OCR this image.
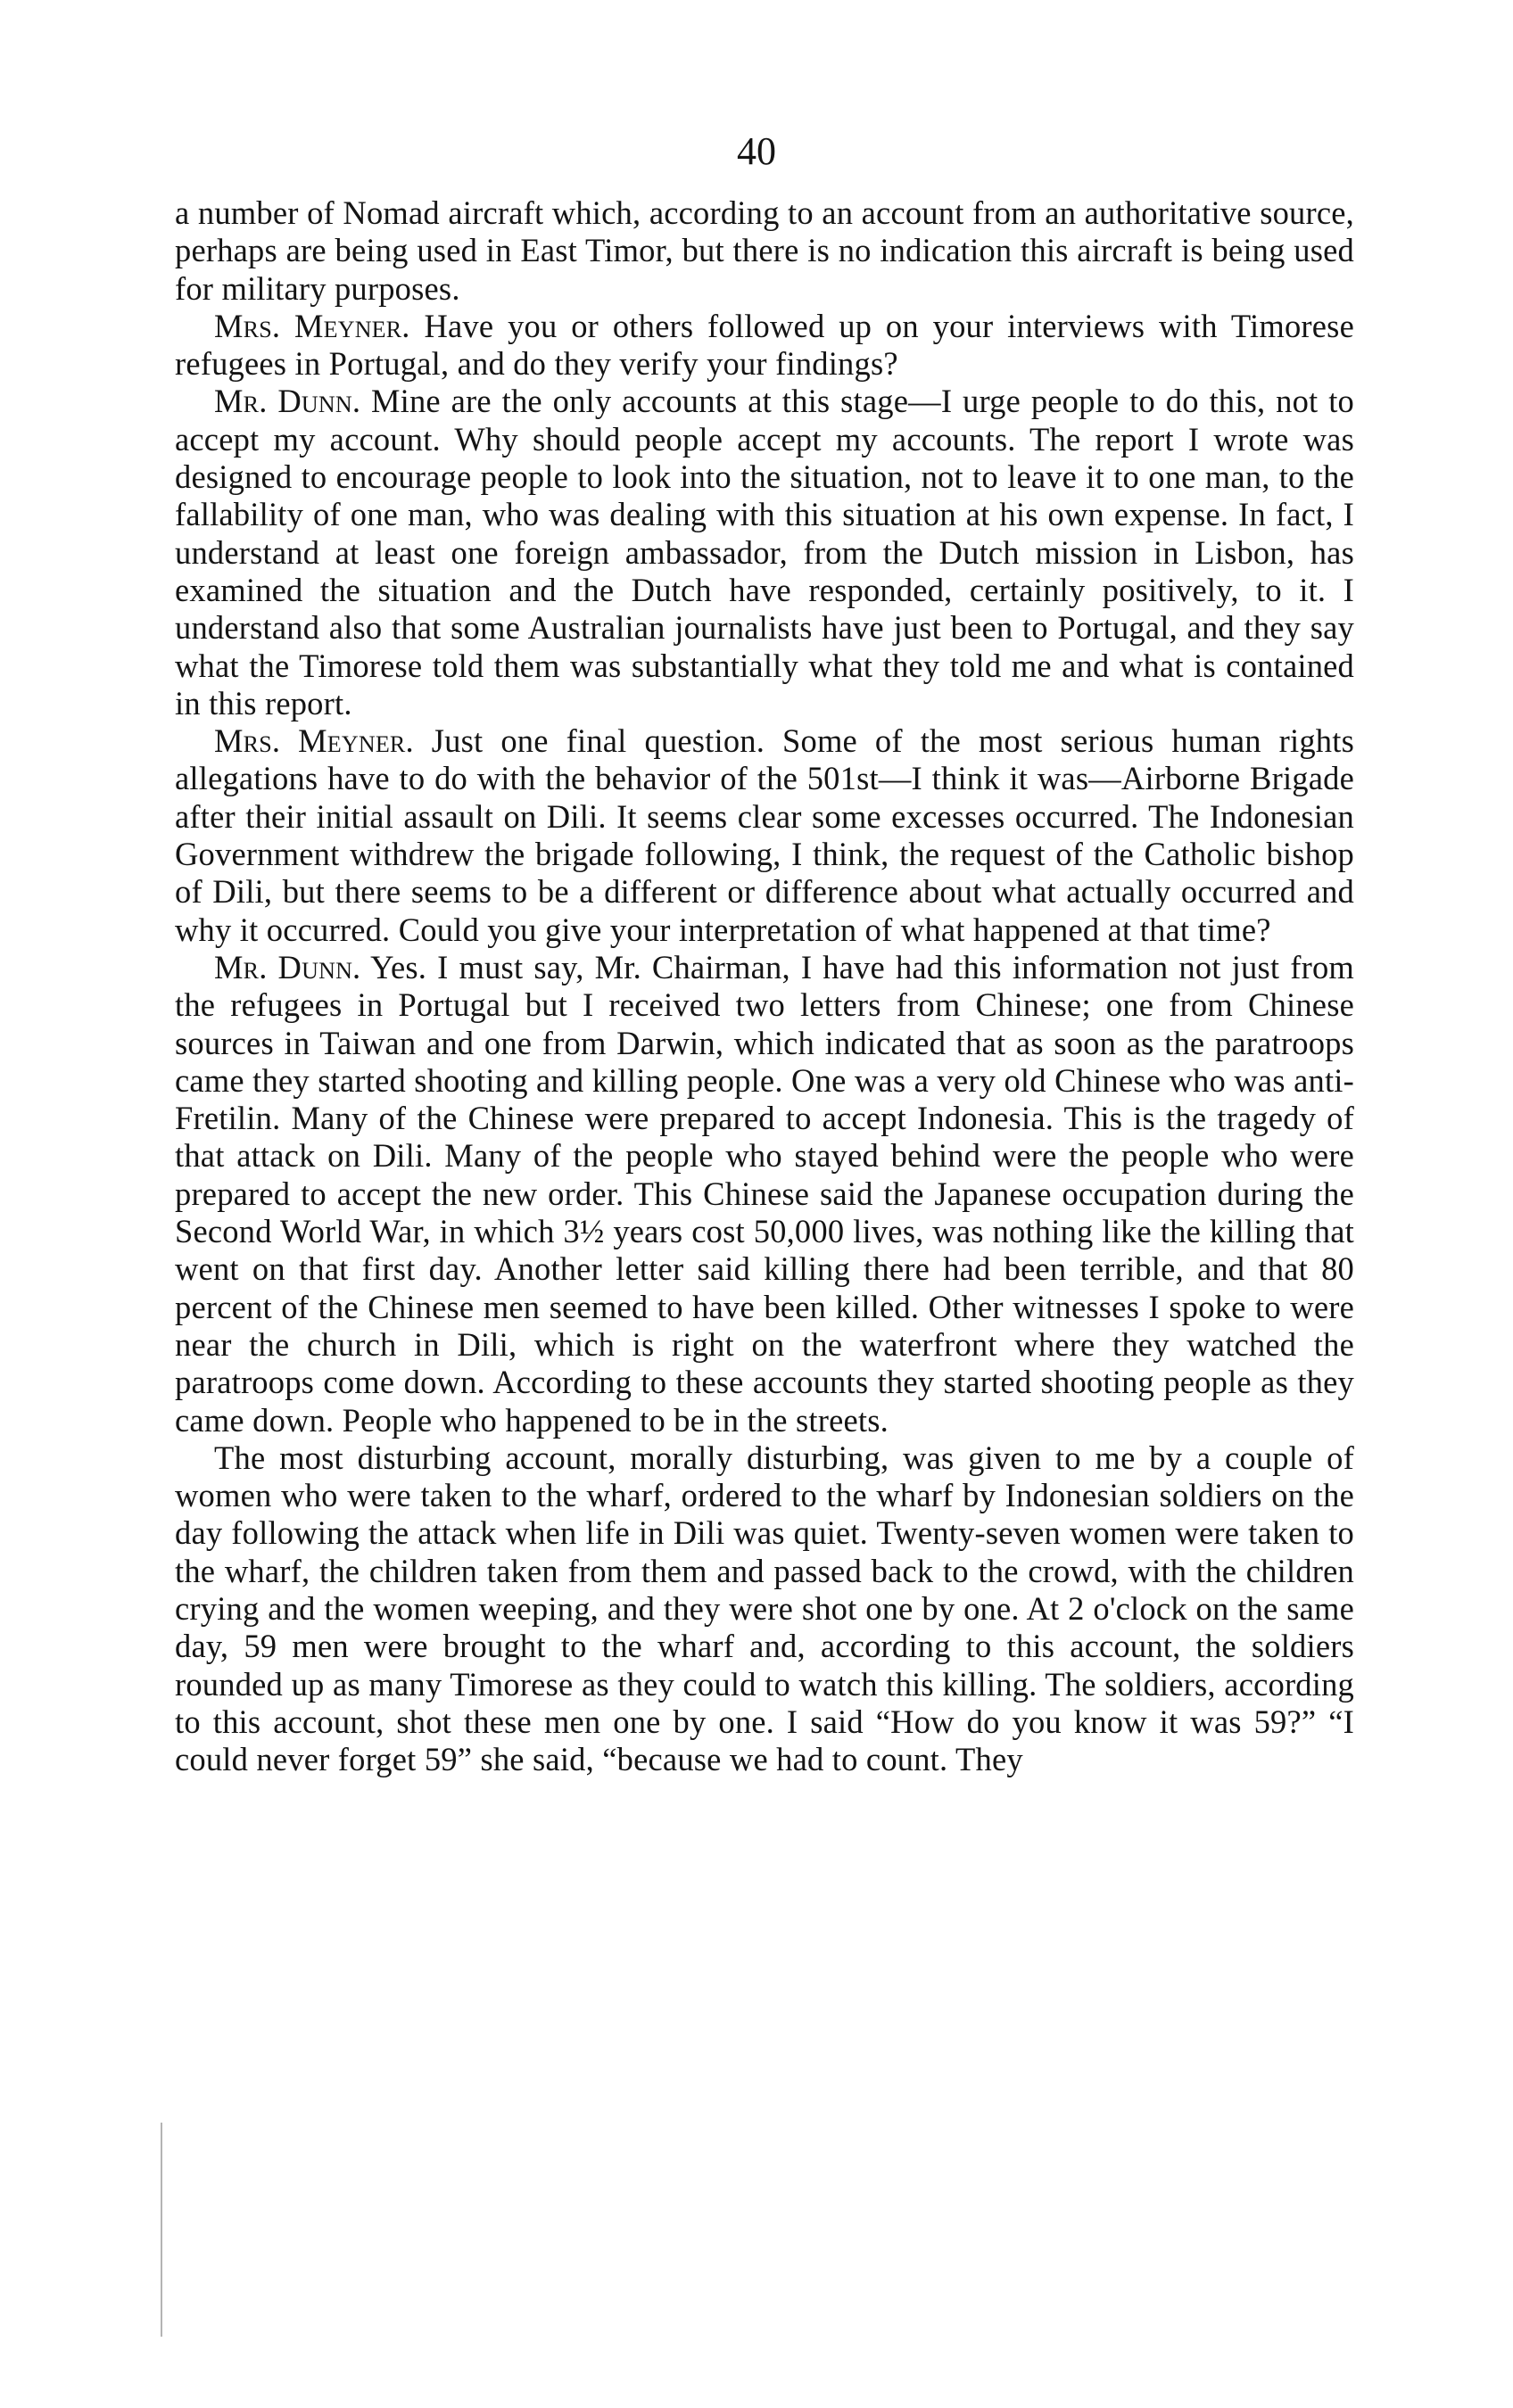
40

a number of Nomad aircraft which, according to an account from an authoritative source, perhaps are being used in East Timor, but there is no indication this aircraft is being used for military purposes.

Mrs. Meyner. Have you or others followed up on your interviews with Timorese refugees in Portugal, and do they verify your findings?

Mr. Dunn. Mine are the only accounts at this stage—I urge people to do this, not to accept my account. Why should people accept my accounts. The report I wrote was designed to encourage people to look into the situation, not to leave it to one man, to the fallability of one man, who was dealing with this situation at his own expense. In fact, I understand at least one foreign ambassador, from the Dutch mission in Lisbon, has examined the situation and the Dutch have responded, certainly positively, to it. I understand also that some Australian journalists have just been to Portugal, and they say what the Timorese told them was substantially what they told me and what is contained in this report.

Mrs. Meyner. Just one final question. Some of the most serious human rights allegations have to do with the behavior of the 501st—I think it was—Airborne Brigade after their initial assault on Dili. It seems clear some excesses occurred. The Indonesian Government withdrew the brigade following, I think, the request of the Catholic bishop of Dili, but there seems to be a different or difference about what actually occurred and why it occurred. Could you give your interpretation of what happened at that time?

Mr. Dunn. Yes. I must say, Mr. Chairman, I have had this information not just from the refugees in Portugal but I received two letters from Chinese; one from Chinese sources in Taiwan and one from Darwin, which indicated that as soon as the paratroops came they started shooting and killing people. One was a very old Chinese who was anti-Fretilin. Many of the Chinese were prepared to accept Indonesia. This is the tragedy of that attack on Dili. Many of the people who stayed behind were the people who were prepared to accept the new order. This Chinese said the Japanese occupation during the Second World War, in which 3½ years cost 50,000 lives, was nothing like the killing that went on that first day. Another letter said killing there had been terrible, and that 80 percent of the Chinese men seemed to have been killed. Other witnesses I spoke to were near the church in Dili, which is right on the waterfront where they watched the paratroops come down. According to these accounts they started shooting people as they came down. People who happened to be in the streets.

The most disturbing account, morally disturbing, was given to me by a couple of women who were taken to the wharf, ordered to the wharf by Indonesian soldiers on the day following the attack when life in Dili was quiet. Twenty-seven women were taken to the wharf, the children taken from them and passed back to the crowd, with the children crying and the women weeping, and they were shot one by one. At 2 o'clock on the same day, 59 men were brought to the wharf and, according to this account, the soldiers rounded up as many Timorese as they could to watch this killing. The soldiers, according to this account, shot these men one by one. I said “How do you know it was 59?” “I could never forget 59” she said, “because we had to count. They
